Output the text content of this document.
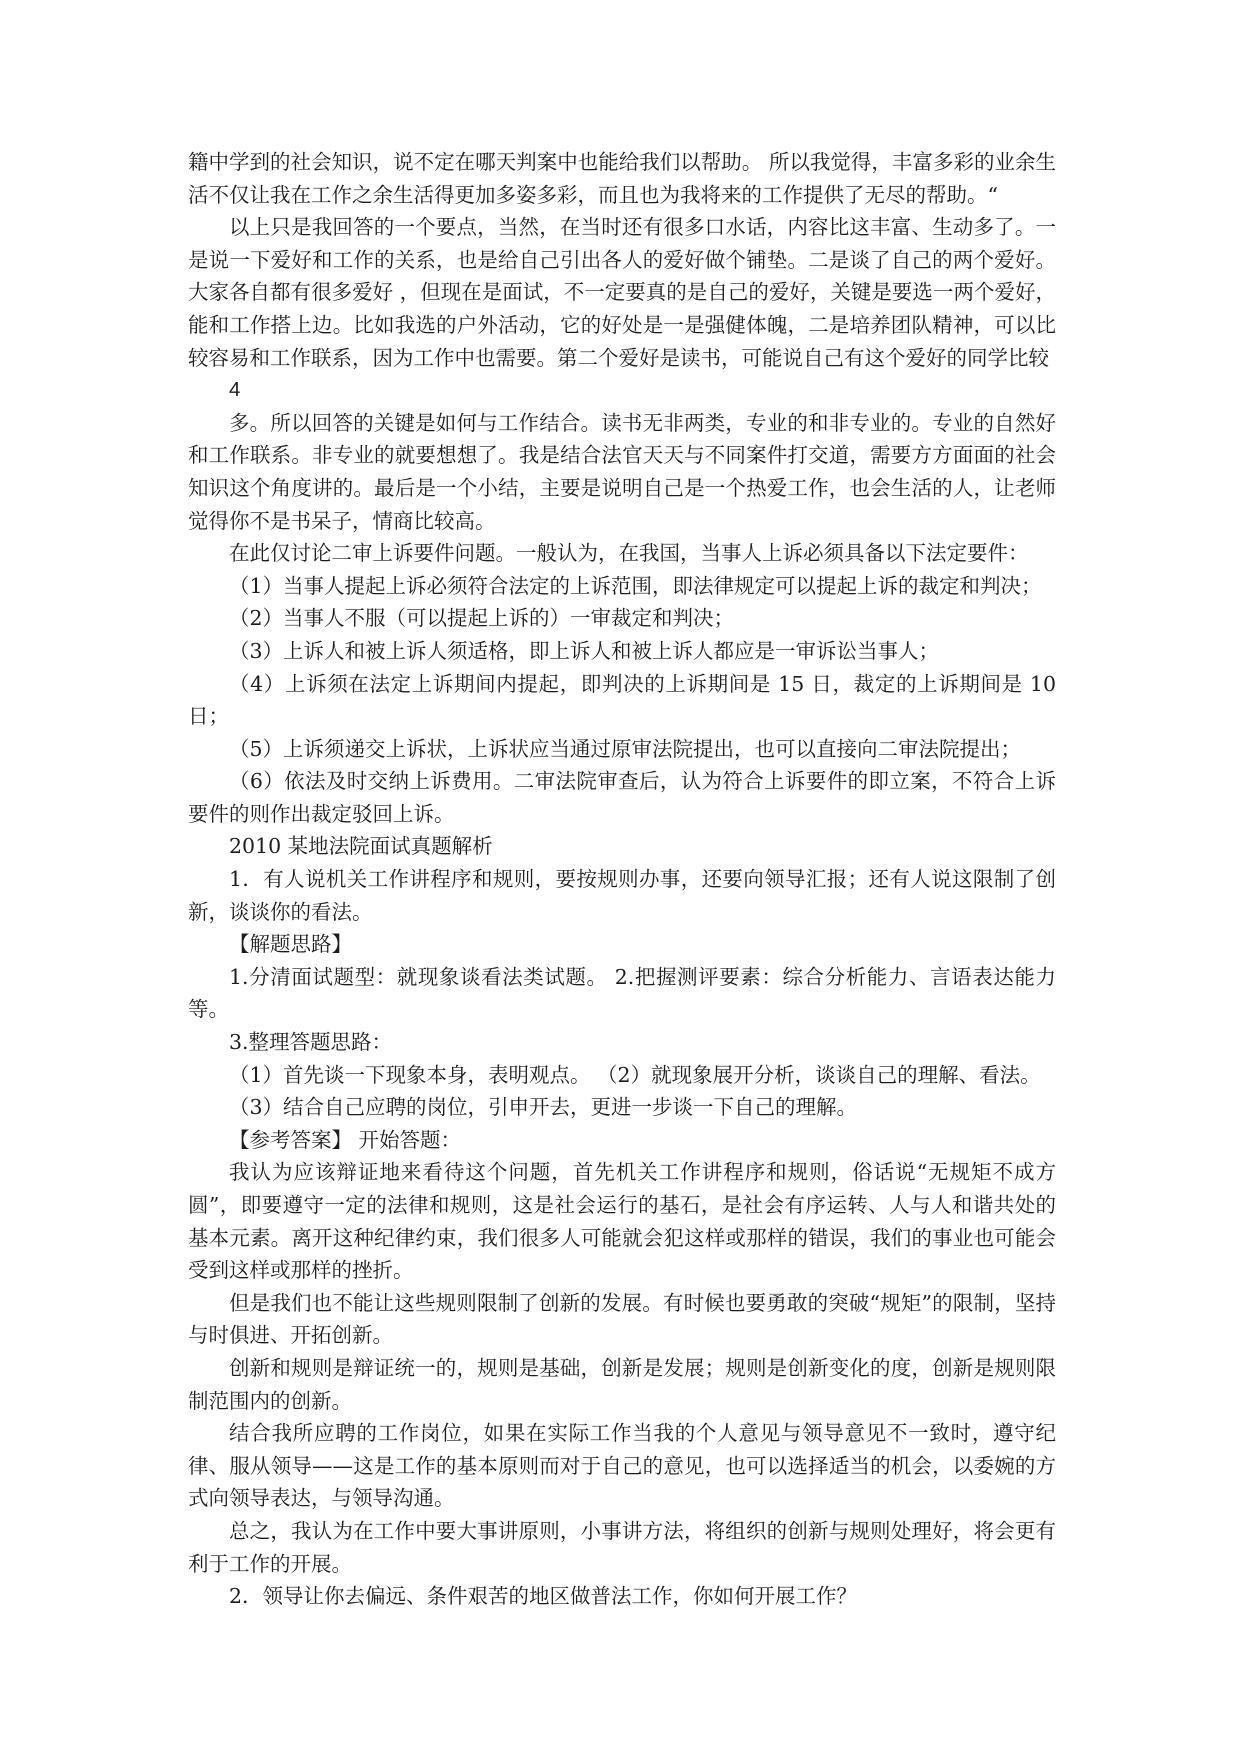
籍中学到的社会知识，说不定在哪天判案中也能给我们以帮助。 所以我觉得，丰富多彩的业余生活不仅让我在工作之余生活得更加多姿多彩，而且也为我将来的工作提供了无尽的帮助。“

以上只是我回答的一个要点，当然，在当时还有很多口水话，内容比这丰富、生动多了。一是说一下爱好和工作的关系，也是给自己引出各人的爱好做个铺垫。二是谈了自己的两个爱好。大家各自都有很多爱好 ，但现在是面试，不一定要真的是自己的爱好，关键是要选一两个爱好，能和工作搭上边。比如我选的户外活动，它的好处是一是强健体魄，二是培养团队精神，可以比较容易和工作联系，因为工作中也需要。第二个爱好是读书，可能说自己有这个爱好的同学比较

4

多。所以回答的关键是如何与工作结合。读书无非两类，专业的和非专业的。专业的自然好和工作联系。非专业的就要想想了。我是结合法官天天与不同案件打交道，需要方方面面的社会知识这个角度讲的。最后是一个小结，主要是说明自己是一个热爱工作，也会生活的人，让老师觉得你不是书呆子，情商比较高。

在此仅讨论二审上诉要件问题。一般认为，在我国，当事人上诉必须具备以下法定要件：

（1）当事人提起上诉必须符合法定的上诉范围，即法律规定可以提起上诉的裁定和判决；

（2）当事人不服（可以提起上诉的）一审裁定和判决；

（3）上诉人和被上诉人须适格，即上诉人和被上诉人都应是一审诉讼当事人；

（4）上诉须在法定上诉期间内提起，即判决的上诉期间是 15 日，裁定的上诉期间是 10 日；

（5）上诉须递交上诉状，上诉状应当通过原审法院提出，也可以直接向二审法院提出；

（6）依法及时交纳上诉费用。二审法院审查后，认为符合上诉要件的即立案，不符合上诉要件的则作出裁定驳回上诉。

2010 某地法院面试真题解析

1．有人说机关工作讲程序和规则，要按规则办事，还要向领导汇报；还有人说这限制了创新，谈谈你的看法。

【解题思路】

1.分清面试题型：就现象谈看法类试题。 2.把握测评要素：综合分析能力、言语表达能力等。

3.整理答题思路：

（1）首先谈一下现象本身，表明观点。 （2）就现象展开分析，谈谈自己的理解、看法。

（3）结合自己应聘的岗位，引申开去，更进一步谈一下自己的理解。

【参考答案】 开始答题：

我认为应该辩证地来看待这个问题，首先机关工作讲程序和规则，俗话说“无规矩不成方圆”，即要遵守一定的法律和规则，这是社会运行的基石，是社会有序运转、人与人和谐共处的基本元素。离开这种纪律约束，我们很多人可能就会犯这样或那样的错误，我们的事业也可能会受到这样或那样的挫折。

但是我们也不能让这些规则限制了创新的发展。有时候也要勇敢的突破“规矩”的限制，坚持与时俱进、开拓创新。

创新和规则是辩证统一的，规则是基础，创新是发展；规则是创新变化的度，创新是规则限制范围内的创新。

结合我所应聘的工作岗位，如果在实际工作当我的个人意见与领导意见不一致时，遵守纪律、服从领导——这是工作的基本原则而对于自己的意见，也可以选择适当的机会，以委婉的方式向领导表达，与领导沟通。

总之，我认为在工作中要大事讲原则，小事讲方法，将组织的创新与规则处理好，将会更有利于工作的开展。

2．领导让你去偏远、条件艰苦的地区做普法工作，你如何开展工作？
